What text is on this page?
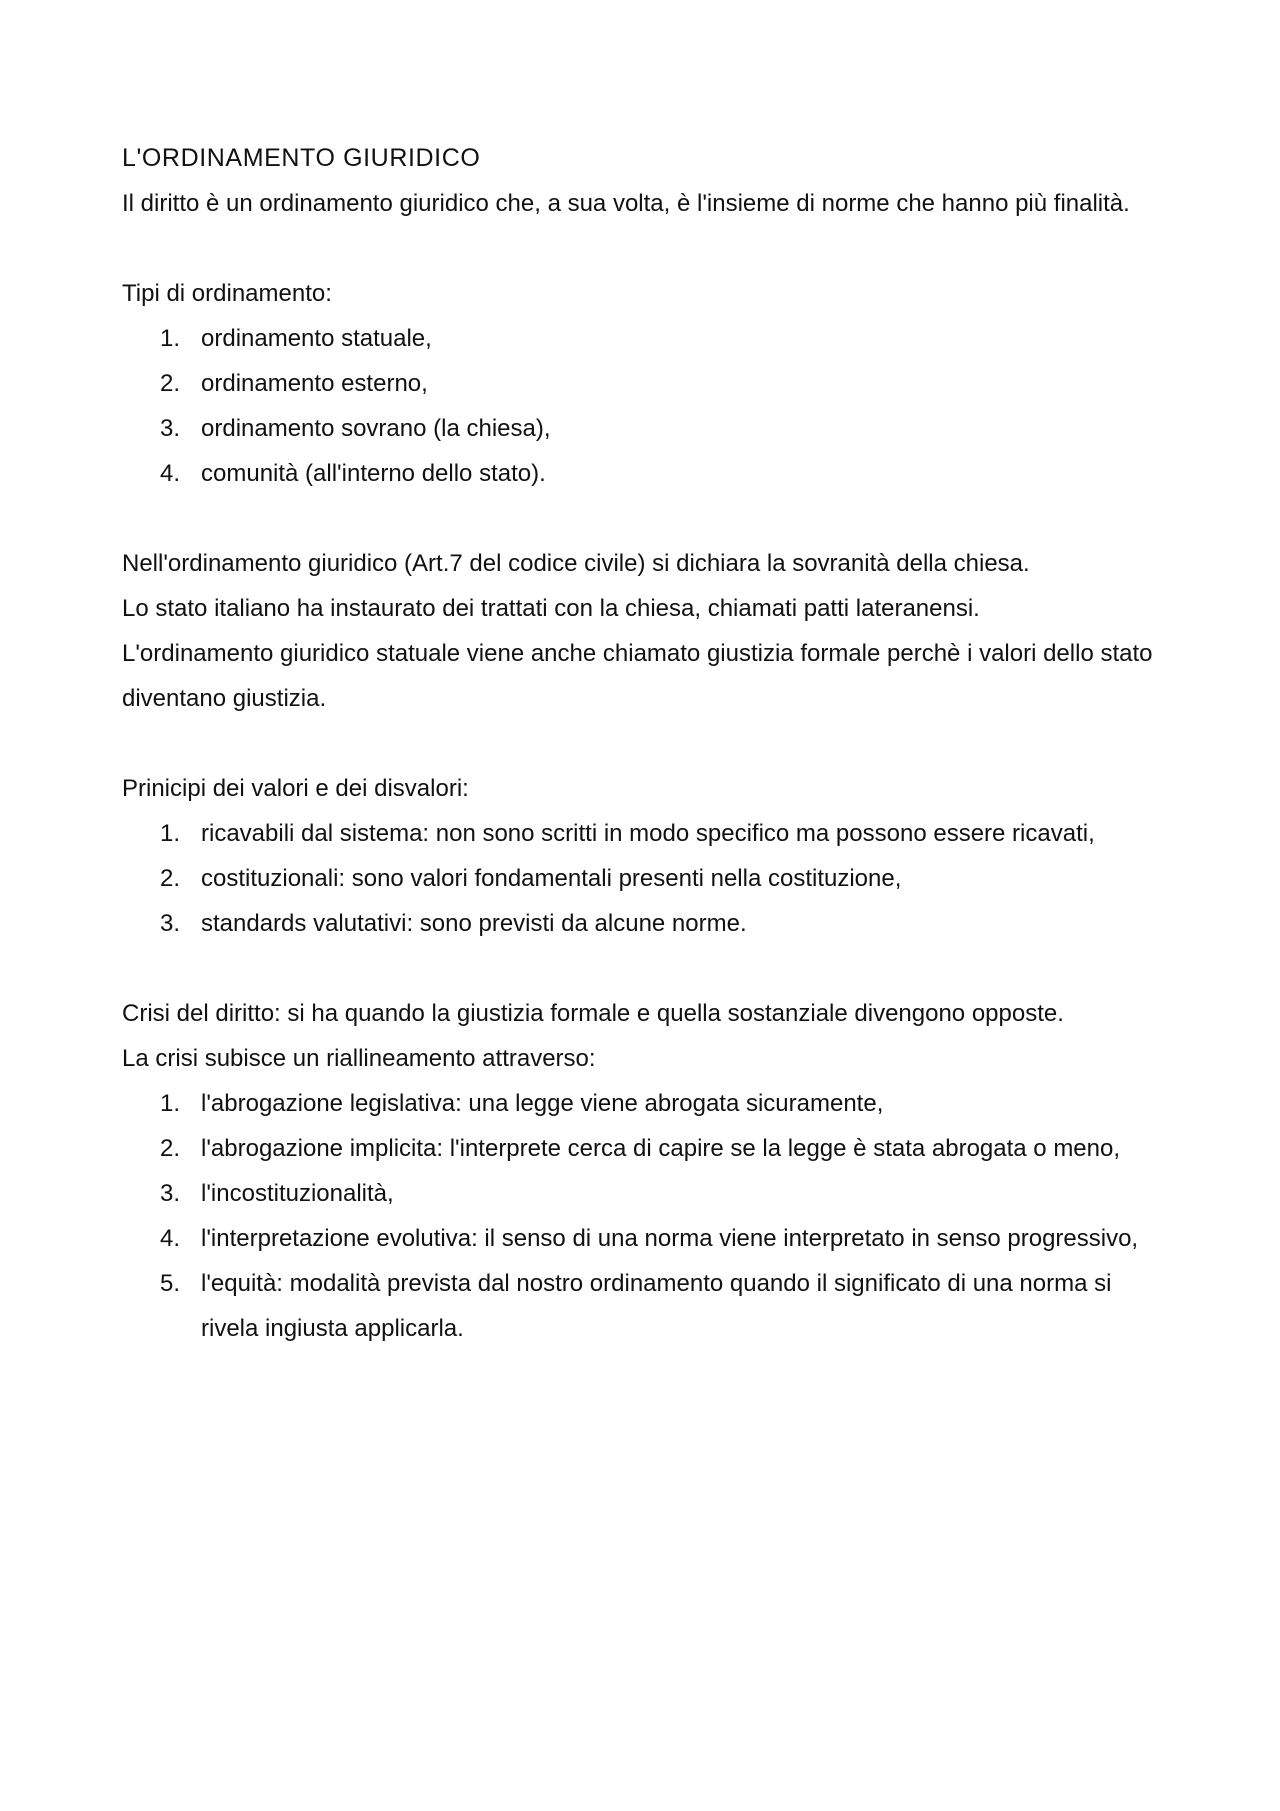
L'ORDINAMENTO GIURIDICO

Il diritto è un ordinamento giuridico che, a sua volta, è l'insieme di norme che hanno più finalità.

Tipi di ordinamento:

1. ordinamento statuale,
2. ordinamento esterno,
3. ordinamento sovrano (la chiesa),
4. comunità (all'interno dello stato).

Nell'ordinamento giuridico (Art.7 del codice civile) si dichiara la sovranità della chiesa.

Lo stato italiano ha instaurato dei trattati con la chiesa, chiamati patti lateranensi.

L'ordinamento giuridico statuale viene anche chiamato giustizia formale perchè i valori dello stato diventano giustizia.

Prinicipi dei valori e dei disvalori:

1. ricavabili dal sistema: non sono scritti in modo specifico ma possono essere ricavati,
2. costituzionali: sono valori fondamentali presenti nella costituzione,
3. standards valutativi: sono previsti da alcune norme.

Crisi del diritto: si ha quando la giustizia formale e quella sostanziale divengono opposte.

La crisi subisce un riallineamento attraverso:

1. l'abrogazione legislativa: una legge viene abrogata sicuramente,
2. l'abrogazione implicita: l'interprete cerca di capire se la legge è stata abrogata o meno,
3. l'incostituzionalità,
4. l'interpretazione evolutiva: il senso di una norma viene interpretato in senso progressivo,
5. l'equità: modalità prevista dal nostro ordinamento quando il significato di una norma si rivela ingiusta applicarla.
